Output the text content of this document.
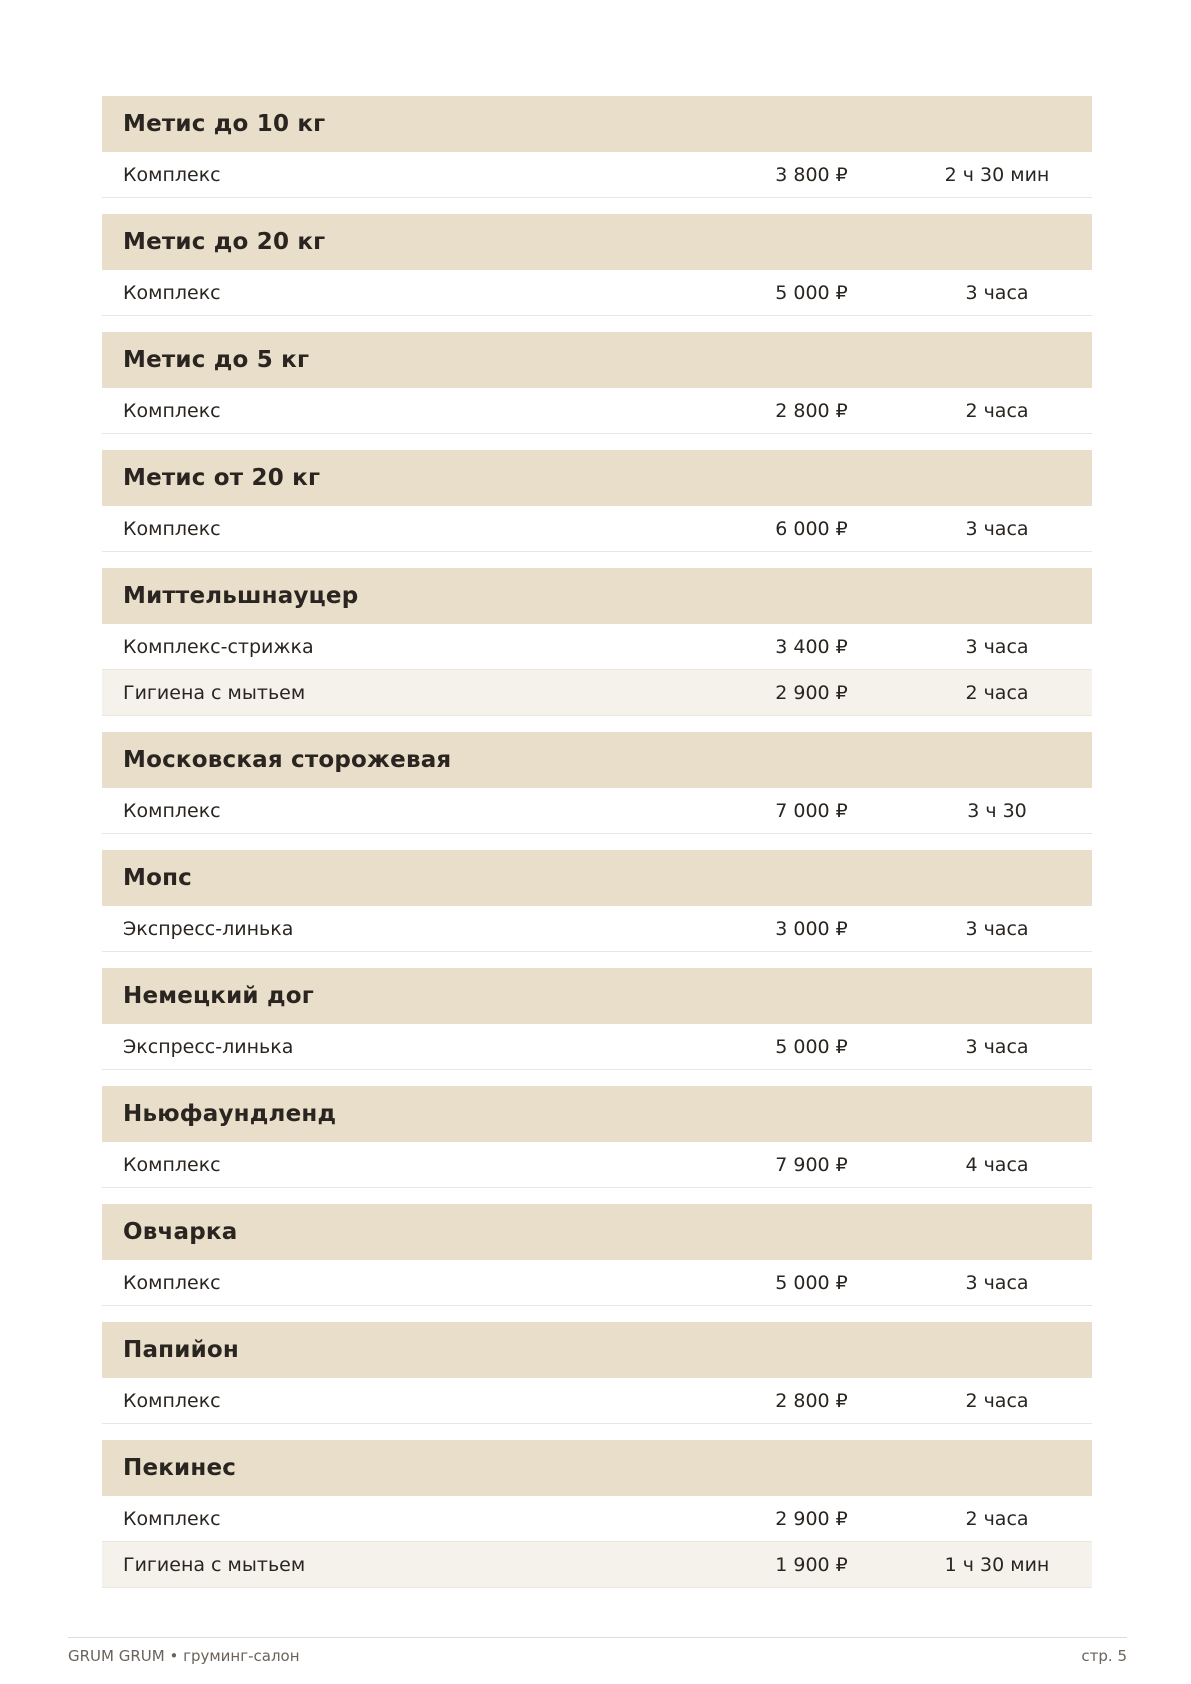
Метис до 10 кг
Комплекс	3 800 ₽	2 ч 30 мин
Метис до 20 кг
Комплекс	5 000 ₽	3 часа
Метис до 5 кг
Комплекс	2 800 ₽	2 часа
Метис от 20 кг
Комплекс	6 000 ₽	3 часа
Миттельшнауцер
Комплекс-стрижка	3 400 ₽	3 часа
Гигиена с мытьем	2 900 ₽	2 часа
Московская сторожевая
Комплекс	7 000 ₽	3 ч 30
Мопс
Экспресс-линька	3 000 ₽	3 часа
Немецкий дог
Экспресс-линька	5 000 ₽	3 часа
Ньюфаундленд
Комплекс	7 900 ₽	4 часа
Овчарка
Комплекс	5 000 ₽	3 часа
Папийон
Комплекс	2 800 ₽	2 часа
Пекинес
Комплекс	2 900 ₽	2 часа
Гигиена с мытьем	1 900 ₽	1 ч 30 мин
GRUM GRUM • груминг-салон	стр. 5
